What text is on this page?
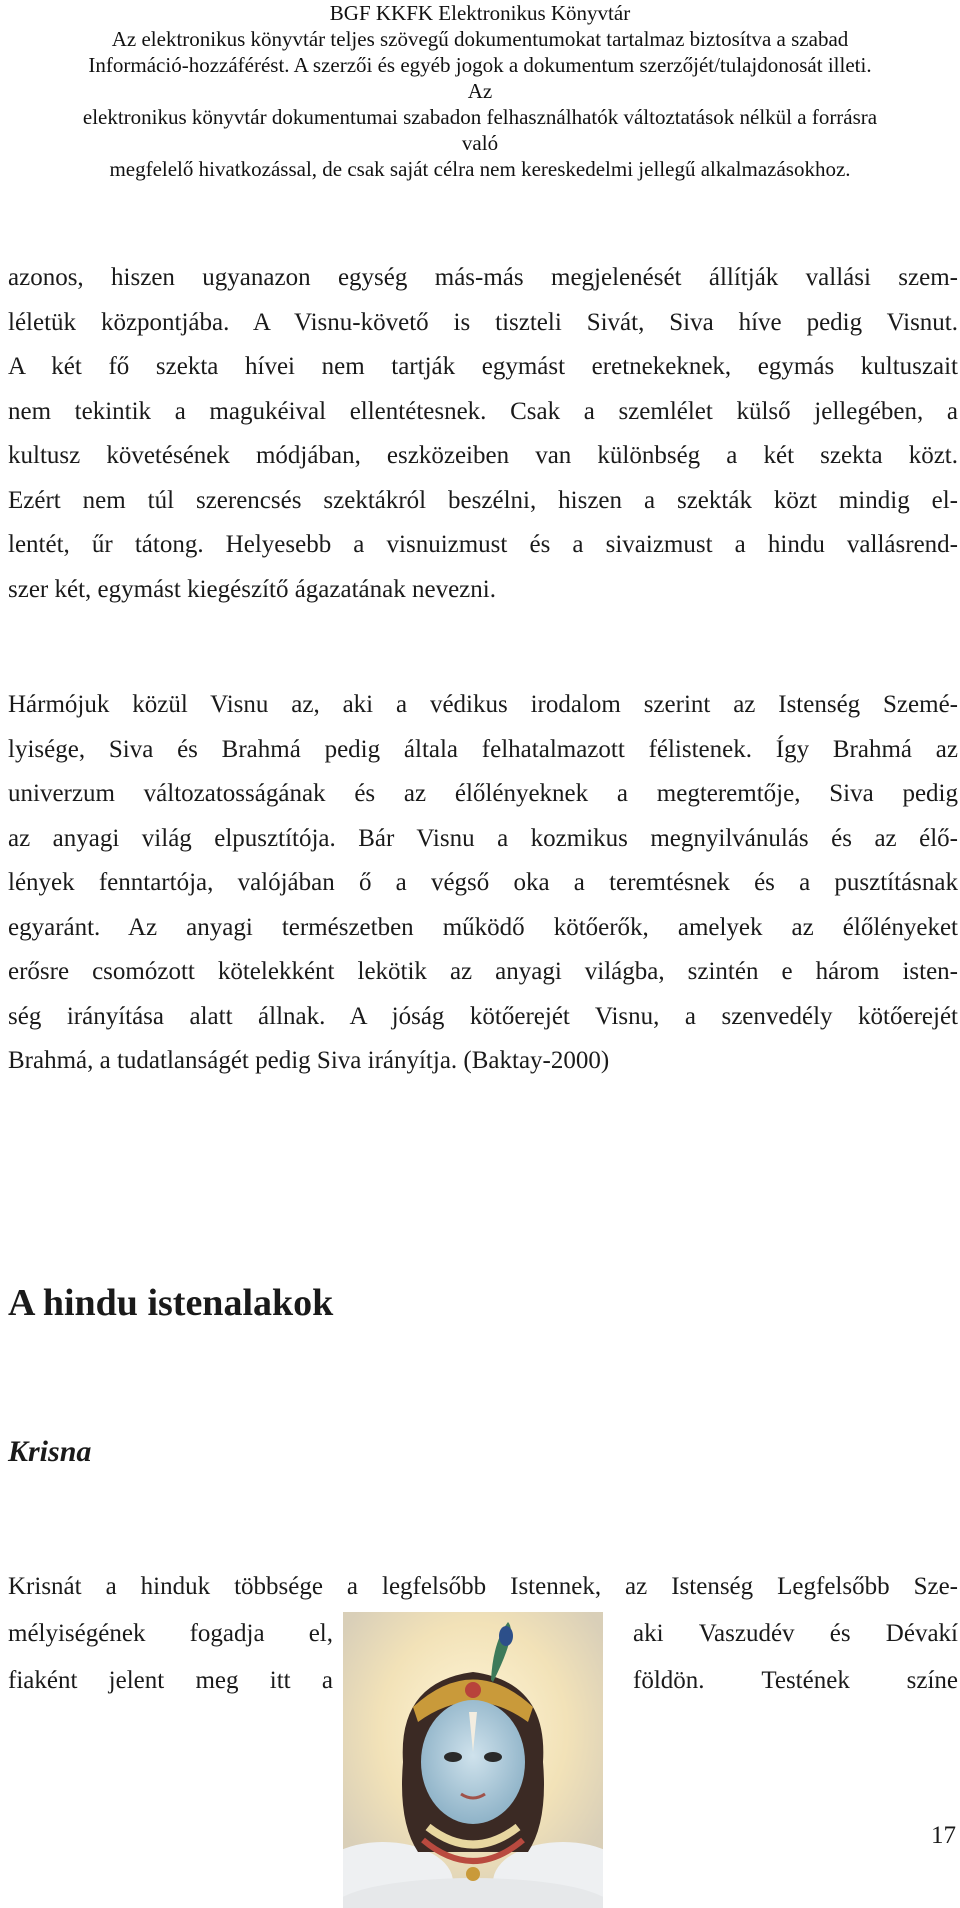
BGF KKFK Elektronikus Könyvtár
Az elektronikus könyvtár teljes szövegű dokumentumokat tartalmaz biztosítva a szabad
Információ-hozzáférést. A szerzői és egyéb jogok a dokumentum szerzőjét/tulajdonosát illeti.
Az
elektronikus könyvtár dokumentumai szabadon felhasználhatók változtatások nélkül a forrásra
való
megfelelő hivatkozással, de csak saját célra nem kereskedelmi jellegű alkalmazásokhoz.
azonos, hiszen ugyanazon egység más-más megjelenését állítják vallási szem-
léletük központjába. A Visnu-követő is tiszteli Sivát, Siva híve pedig Visnut.
A két fő szekta hívei nem tartják egymást eretnekeknek, egymás kultuszait
nem tekintik a magukéival ellentétesnek. Csak a szemlélet külső jellegében, a
kultusz követésének módjában, eszközeiben van különbség a két szekta közt.
Ezért nem túl szerencsés szektákról beszélni, hiszen a szekták közt mindig el-
lentét, űr tátong. Helyesebb a visnuizmust és a sivaizmust a hindu vallásrend-
szer két, egymást kiegészítő ágazatának nevezni.
Hármójuk közül Visnu az, aki a védikus irodalom szerint az Istenség Szemé-
lyisége, Siva és Brahmá pedig általa felhatalmazott félistenek. Így Brahmá az
univerzum változatosságának és az élőlényeknek a megteremtője, Siva pedig
az anyagi világ elpusztítója. Bár Visnu a kozmikus megnyilvánulás és az élő-
lények fenntartója, valójában ő a végső oka a teremtésnek és a pusztításnak
egyaránt. Az anyagi természetben működő kötőerők, amelyek az élőlényeket
erősre csomózott kötelekként lekötik az anyagi világba, szintén e három isten-
ség irányítása alatt állnak. A jóság kötőerejét Visnu, a szenvedély kötőerejét
Brahmá, a tudatlanságét pedig Siva irányítja. (Baktay-2000)
A hindu istenalakok
Krisna
Krisnát a hinduk többsége a legfelsőbb Istennek, az Istenség Legfelsőbb Sze-
mélyiségének fogadja el,	aki Vaszudév és Dévakí
fiaként jelent meg itt a	földön. Testének színe
17
